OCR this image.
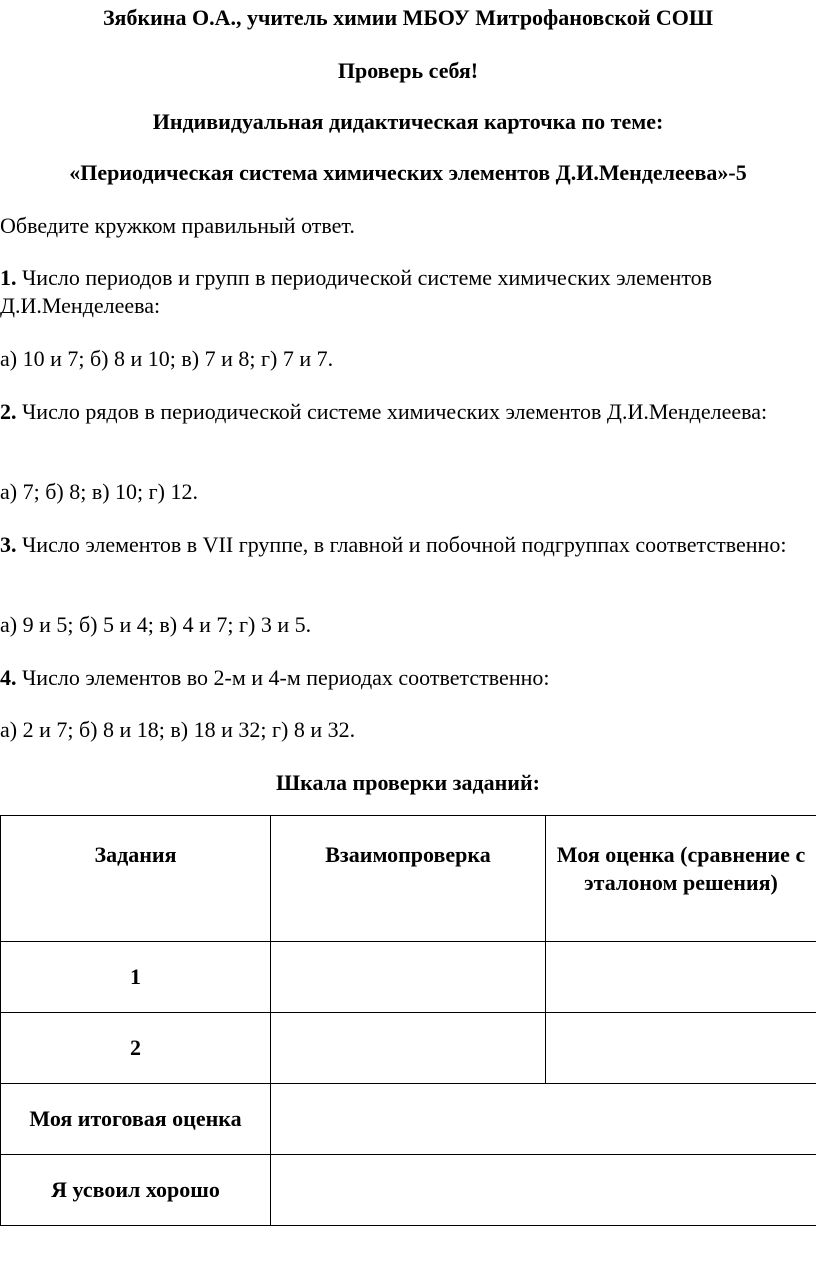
Зябкина О.А., учитель химии МБОУ Митрофановской СОШ
Проверь себя!
Индивидуальная дидактическая карточка по теме:
«Периодическая система химических элементов Д.И.Менделеева»-5
Обведите кружком правильный ответ.
1. Число периодов и групп в периодической системе химических элементов Д.И.Менделеева:
а) 10 и 7; б) 8 и 10; в) 7 и 8; г) 7 и 7.
2. Число рядов в периодической системе химических элементов Д.И.Менделеева:
а) 7; б) 8; в) 10; г) 12.
3. Число элементов в VII группе, в главной и побочной подгруппах соответственно:
а) 9 и 5; б) 5 и 4; в) 4 и 7; г) 3 и 5.
4. Число элементов во 2-м и 4-м периодах соответственно:
а) 2 и 7; б) 8 и 18; в) 18 и 32; г) 8 и 32.
Шкала проверки заданий:
Задания	Взаимопроверка	Моя оценка (сравнение с эталоном решения)
1		
2		
Моя итоговая оценка		
Я усвоил хорошо		
